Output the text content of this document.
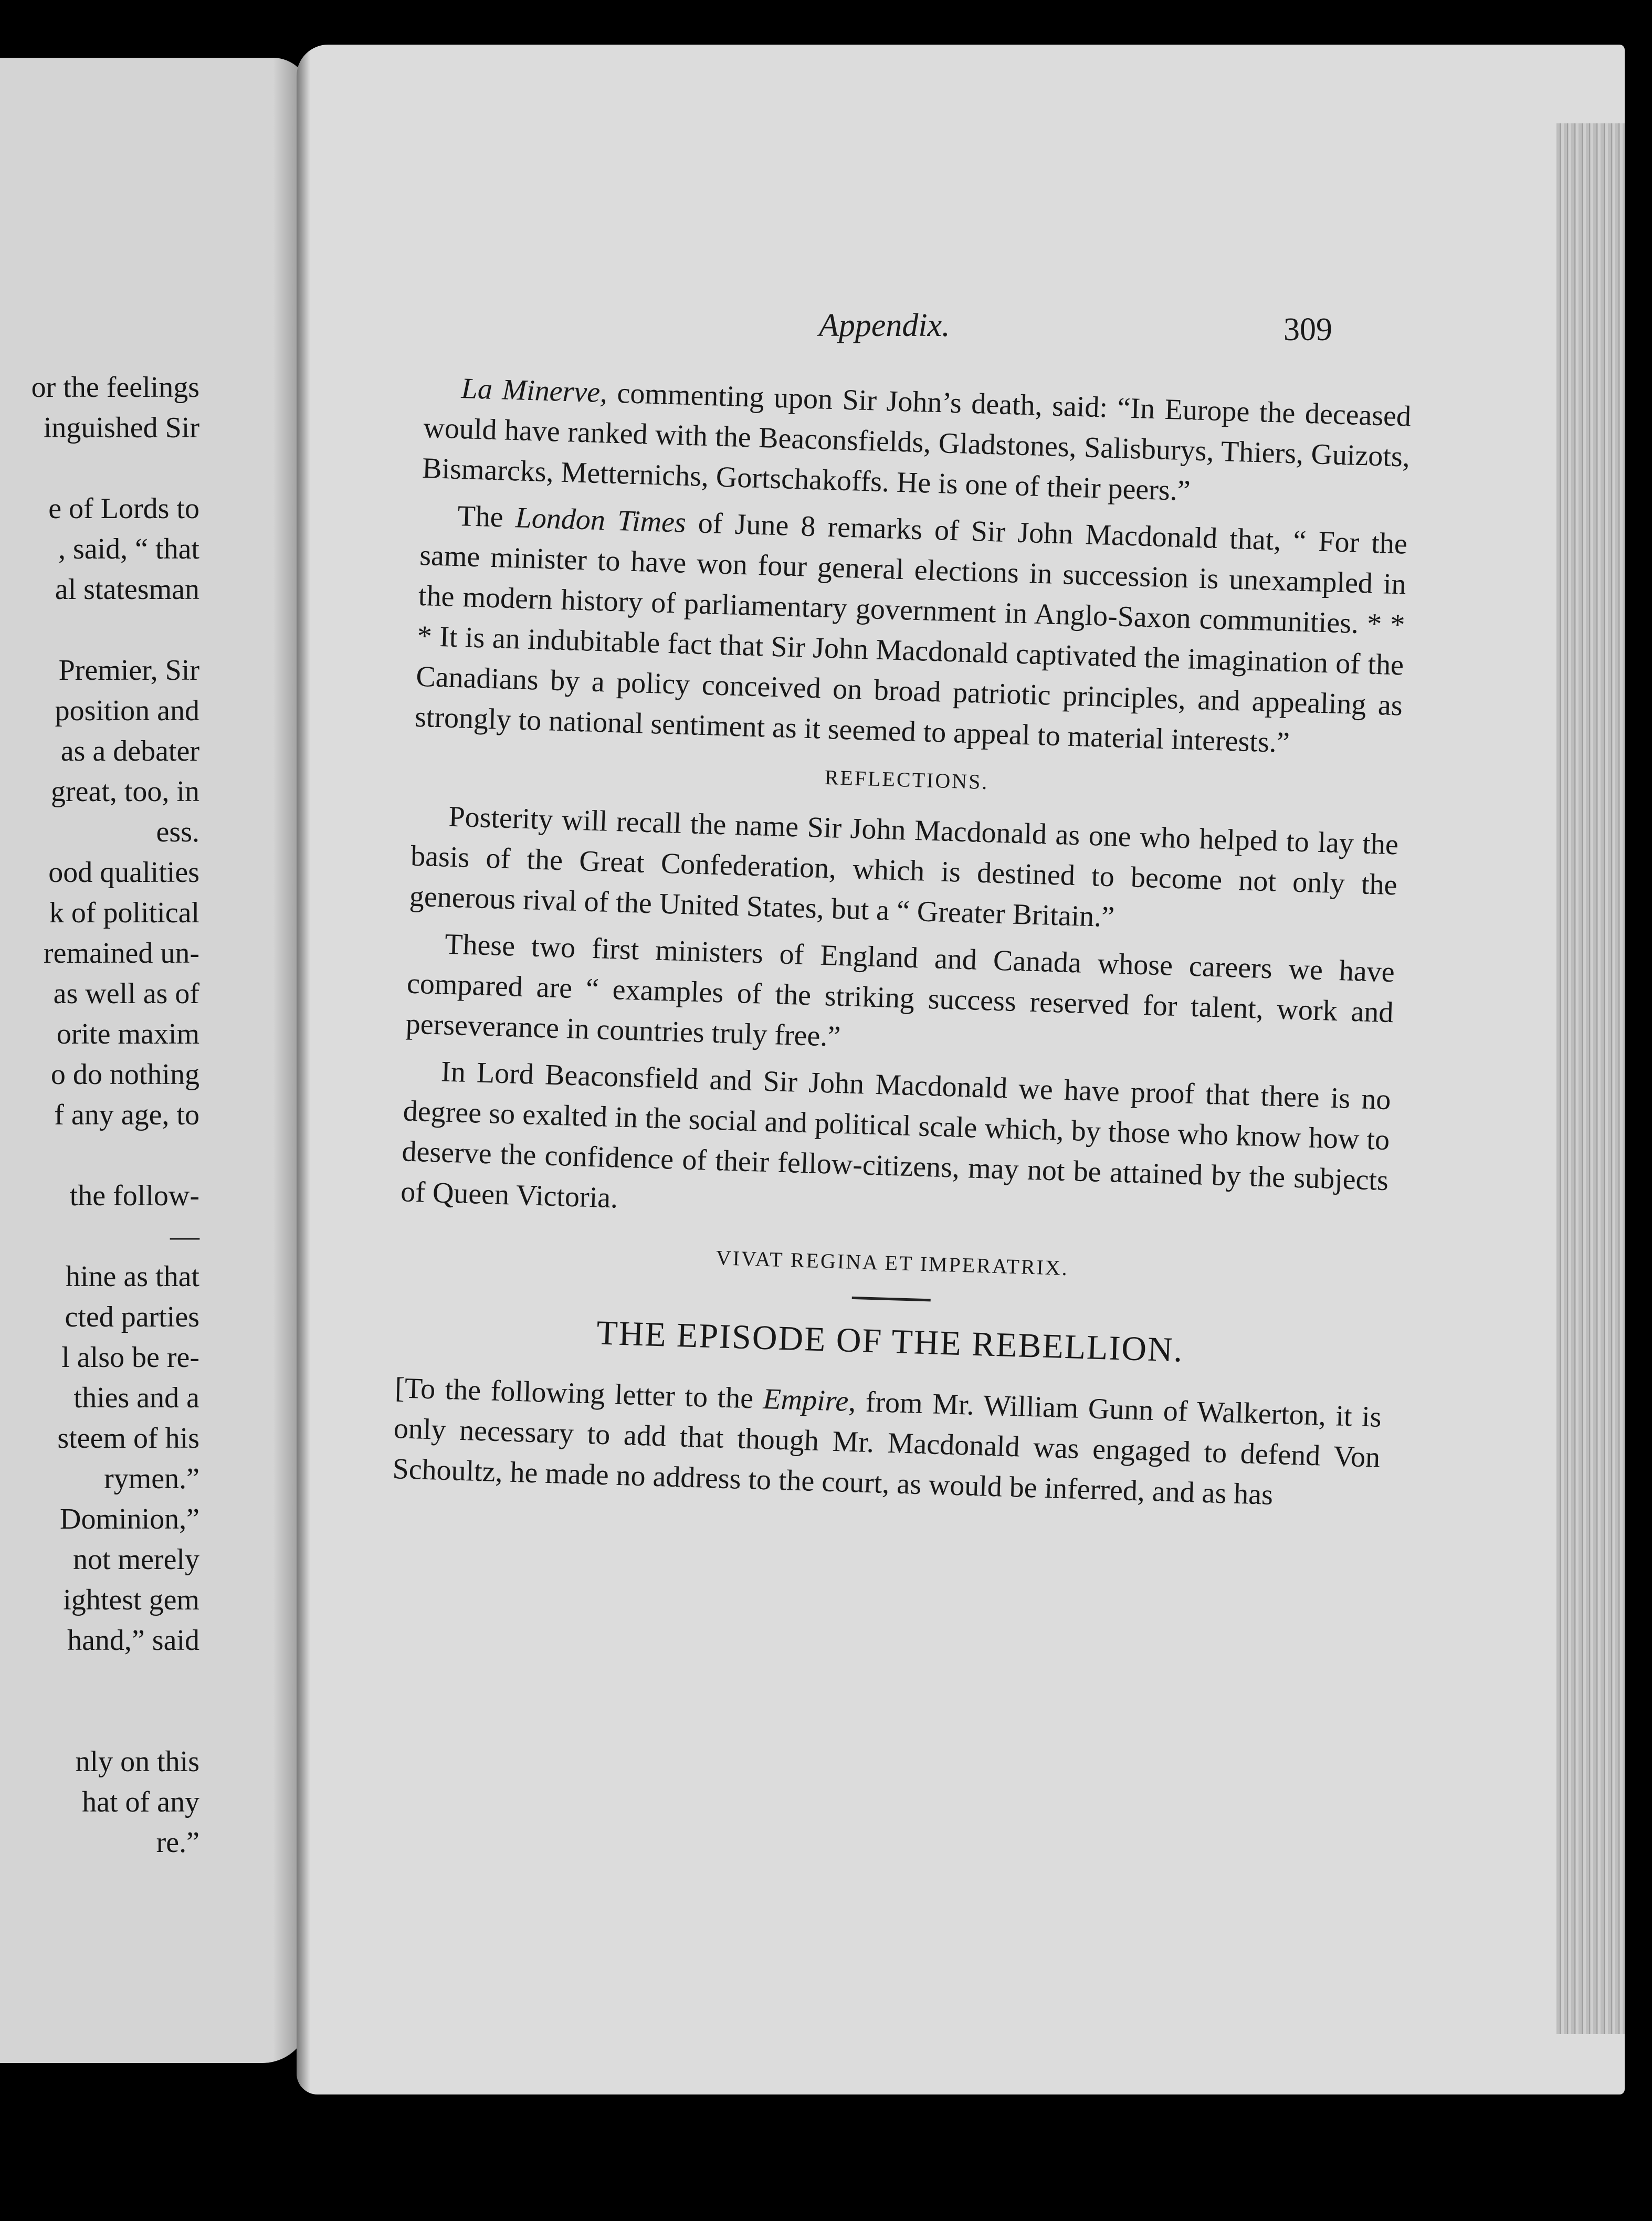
or the feelings
inguished Sir
e of Lords to
, said, “ that
al statesman
Premier, Sir
position and
as a debater
great, too, in
ess.
ood qualities
k of political
remained un-
as well as of
orite maxim
o do nothing
f any age, to
the follow-
—
hine as that
cted parties
l also be re-
thies and a
steem of his
rymen.”
Dominion,”
not merely
ightest gem
hand,” said
nly on this
hat of any
re.”
Appendix.	309

La Minerve, commenting upon Sir John’s death, said: “In Europe the deceased would have ranked with the Beaconsfields, Gladstones, Salisburys, Thiers, Guizots, Bismarcks, Metternichs, Gortschakoffs. He is one of their peers.”

The London Times of June 8 remarks of Sir John Macdonald that, “ For the same minister to have won four general elections in succession is unexampled in the modern history of parliamentary government in Anglo-Saxon communities. * * * It is an indubitable fact that Sir John Macdonald captivated the imagination of the Canadians by a policy conceived on broad patriotic principles, and appealing as strongly to national sentiment as it seemed to appeal to material interests.”

REFLECTIONS.

Posterity will recall the name Sir John Macdonald as one who helped to lay the basis of the Great Confederation, which is destined to become not only the generous rival of the United States, but a “ Greater Britain.”

These two first ministers of England and Canada whose careers we have compared are “ examples of the striking success reserved for talent, work and perseverance in countries truly free.”

In Lord Beaconsfield and Sir John Macdonald we have proof that there is no degree so exalted in the social and political scale which, by those who know how to deserve the confidence of their fellow-citizens, may not be attained by the subjects of Queen Victoria.

VIVAT REGINA ET IMPERATRIX.
THE EPISODE OF THE REBELLION.

[To the following letter to the Empire, from Mr. William Gunn of Walkerton, it is only necessary to add that though Mr. Macdonald was engaged to defend Von Schoultz, he made no address to the court, as would be inferred, and as has
